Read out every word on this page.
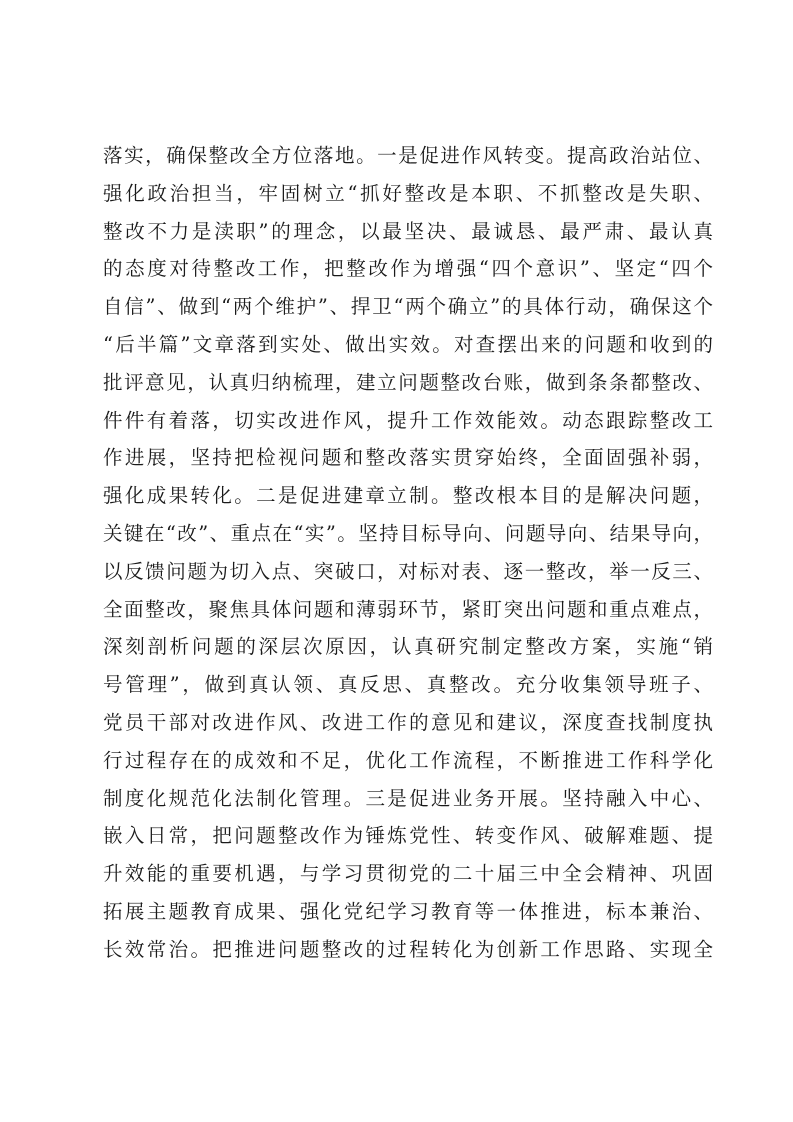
落实，确保整改全方位落地。一是促进作风转变。提高政治站位、
强化政治担当，牢固树立“抓好整改是本职、不抓整改是失职、
整改不力是渎职”的理念，以最坚决、最诚恳、最严肃、最认真
的态度对待整改工作，把整改作为增强“四个意识”、坚定“四个
自信”、做到“两个维护”、捍卫“两个确立”的具体行动，确保这个
“后半篇”文章落到实处、做出实效。对查摆出来的问题和收到的
批评意见，认真归纳梳理，建立问题整改台账，做到条条都整改、
件件有着落，切实改进作风，提升工作效能效。动态跟踪整改工
作进展，坚持把检视问题和整改落实贯穿始终，全面固强补弱，
强化成果转化。二是促进建章立制。整改根本目的是解决问题，
关键在“改”、重点在“实”。坚持目标导向、问题导向、结果导向，
以反馈问题为切入点、突破口，对标对表、逐一整改，举一反三、
全面整改，聚焦具体问题和薄弱环节，紧盯突出问题和重点难点，
深刻剖析问题的深层次原因，认真研究制定整改方案，实施“销
号管理”，做到真认领、真反思、真整改。充分收集领导班子、
党员干部对改进作风、改进工作的意见和建议，深度查找制度执
行过程存在的成效和不足，优化工作流程，不断推进工作科学化
制度化规范化法制化管理。三是促进业务开展。坚持融入中心、
嵌入日常，把问题整改作为锤炼党性、转变作风、破解难题、提
升效能的重要机遇，与学习贯彻党的二十届三中全会精神、巩固
拓展主题教育成果、强化党纪学习教育等一体推进，标本兼治、
长效常治。把推进问题整改的过程转化为创新工作思路、实现全
